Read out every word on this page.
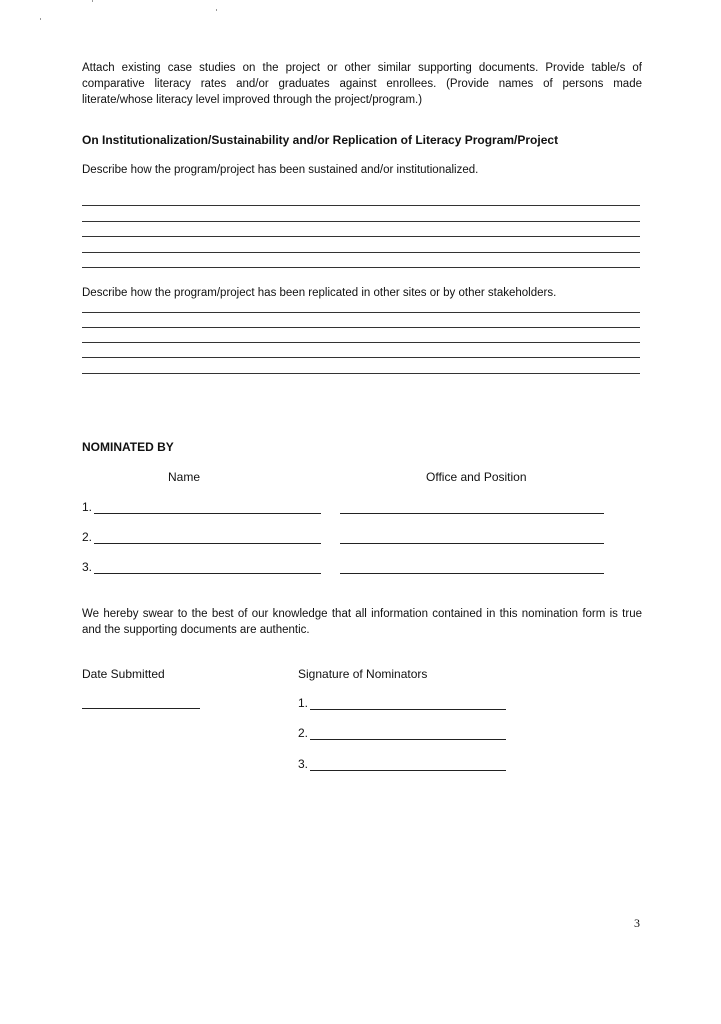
Attach existing case studies on the project or other similar supporting documents. Provide table/s of comparative literacy rates and/or graduates against enrollees. (Provide names of persons made literate/whose literacy level improved through the project/program.)
On Institutionalization/Sustainability and/or Replication of Literacy Program/Project
Describe how the program/project has been sustained and/or institutionalized.
Describe how the program/project has been replicated in other sites or by other stakeholders.
NOMINATED BY
Name	Office and Position
1.
2.
3.
We hereby swear to the best of our knowledge that all information contained in this nomination form is true and the supporting documents are authentic.
Date Submitted	Signature of Nominators
1.
2.
3.
3
